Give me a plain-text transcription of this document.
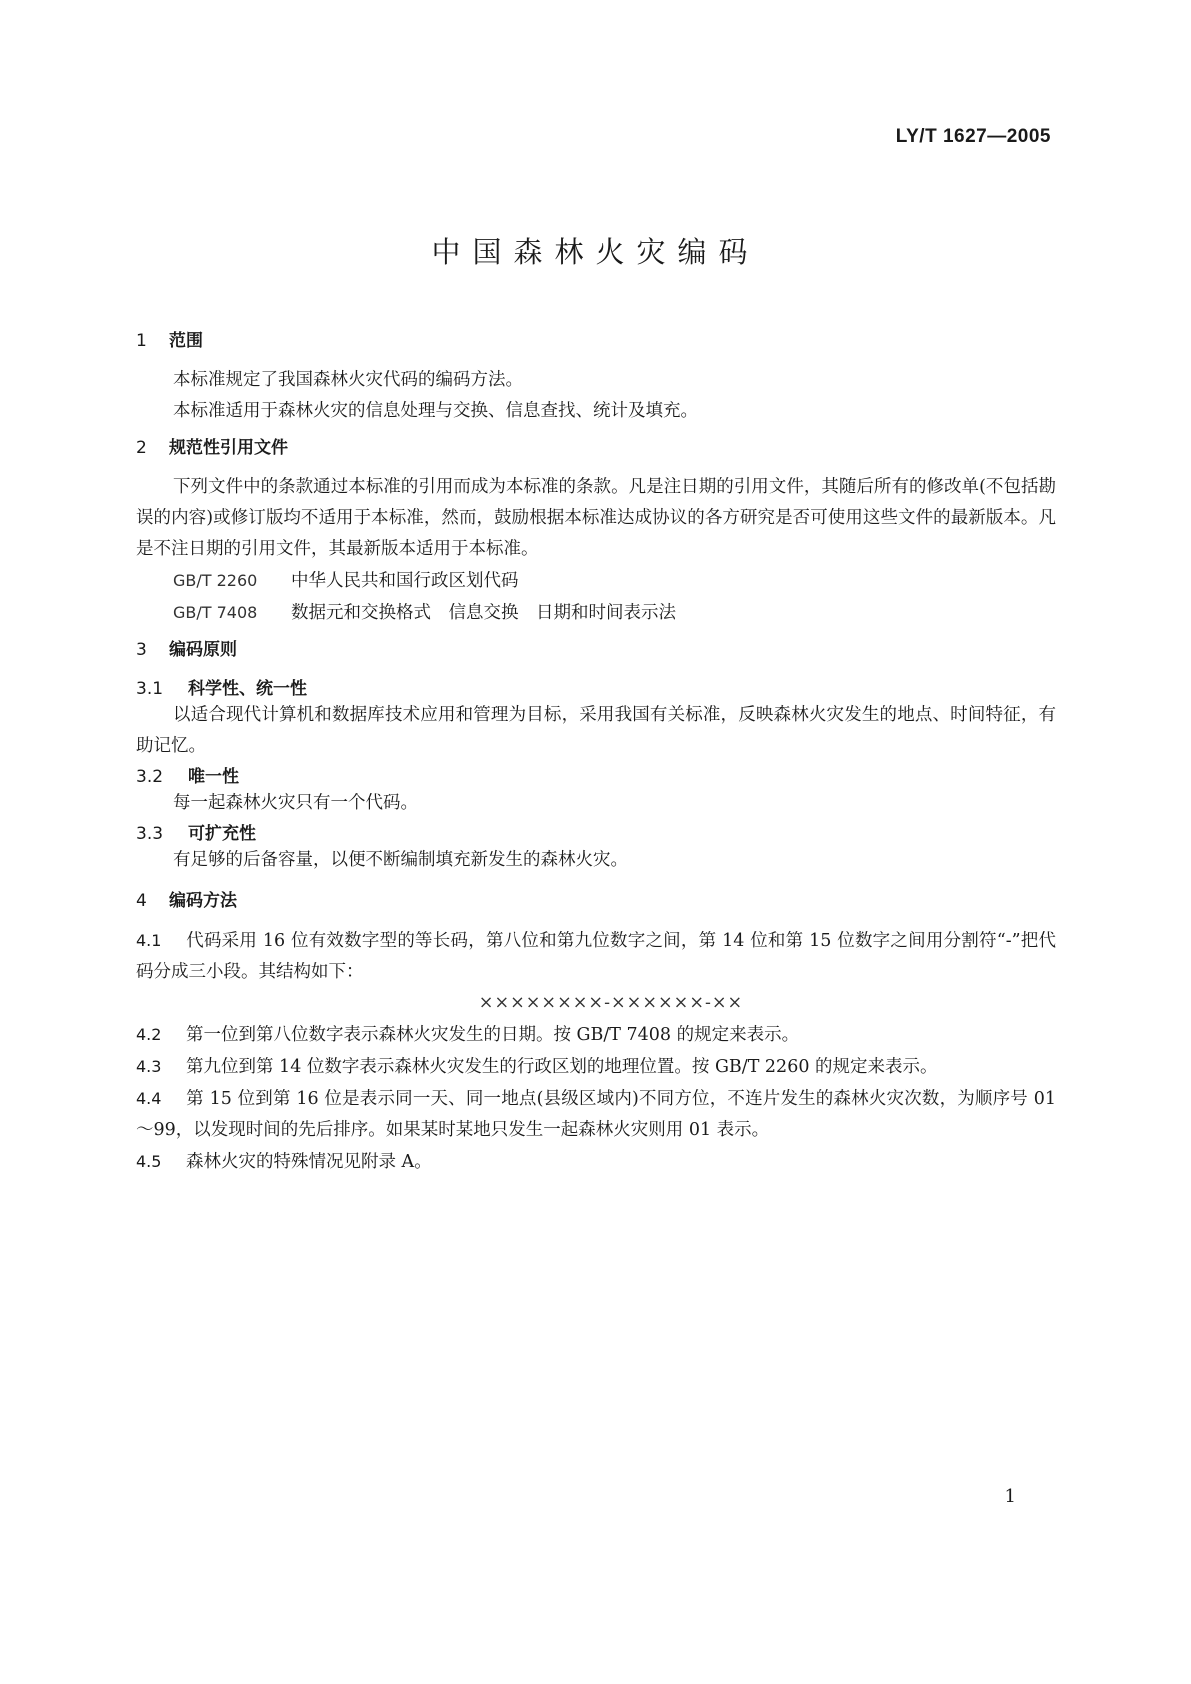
LY/T 1627—2005
中国森林火灾编码
1 范围
本标准规定了我国森林火灾代码的编码方法。
本标准适用于森林火灾的信息处理与交换、信息查找、统计及填充。
2 规范性引用文件
下列文件中的条款通过本标准的引用而成为本标准的条款。凡是注日期的引用文件，其随后所有的修改单(不包括勘误的内容)或修订版均不适用于本标准，然而，鼓励根据本标准达成协议的各方研究是否可使用这些文件的最新版本。凡是不注日期的引用文件，其最新版本适用于本标准。
GB/T 2260 中华人民共和国行政区划代码
GB/T 7408 数据元和交换格式　信息交换　日期和时间表示法
3 编码原则
3.1 科学性、统一性
以适合现代计算机和数据库技术应用和管理为目标，采用我国有关标准，反映森林火灾发生的地点、时间特征，有助记忆。
3.2 唯一性
每一起森林火灾只有一个代码。
3.3 可扩充性
有足够的后备容量，以便不断编制填充新发生的森林火灾。
4 编码方法
4.1 代码采用 16 位有效数字型的等长码，第八位和第九位数字之间，第 14 位和第 15 位数字之间用分割符“-”把代码分成三小段。其结构如下：
××××××××-××××××-××
4.2 第一位到第八位数字表示森林火灾发生的日期。按 GB/T 7408 的规定来表示。
4.3 第九位到第 14 位数字表示森林火灾发生的行政区划的地理位置。按 GB/T 2260 的规定来表示。
4.4 第 15 位到第 16 位是表示同一天、同一地点(县级区域内)不同方位，不连片发生的森林火灾次数，为顺序号 01～99，以发现时间的先后排序。如果某时某地只发生一起森林火灾则用 01 表示。
4.5 森林火灾的特殊情况见附录 A。
1
